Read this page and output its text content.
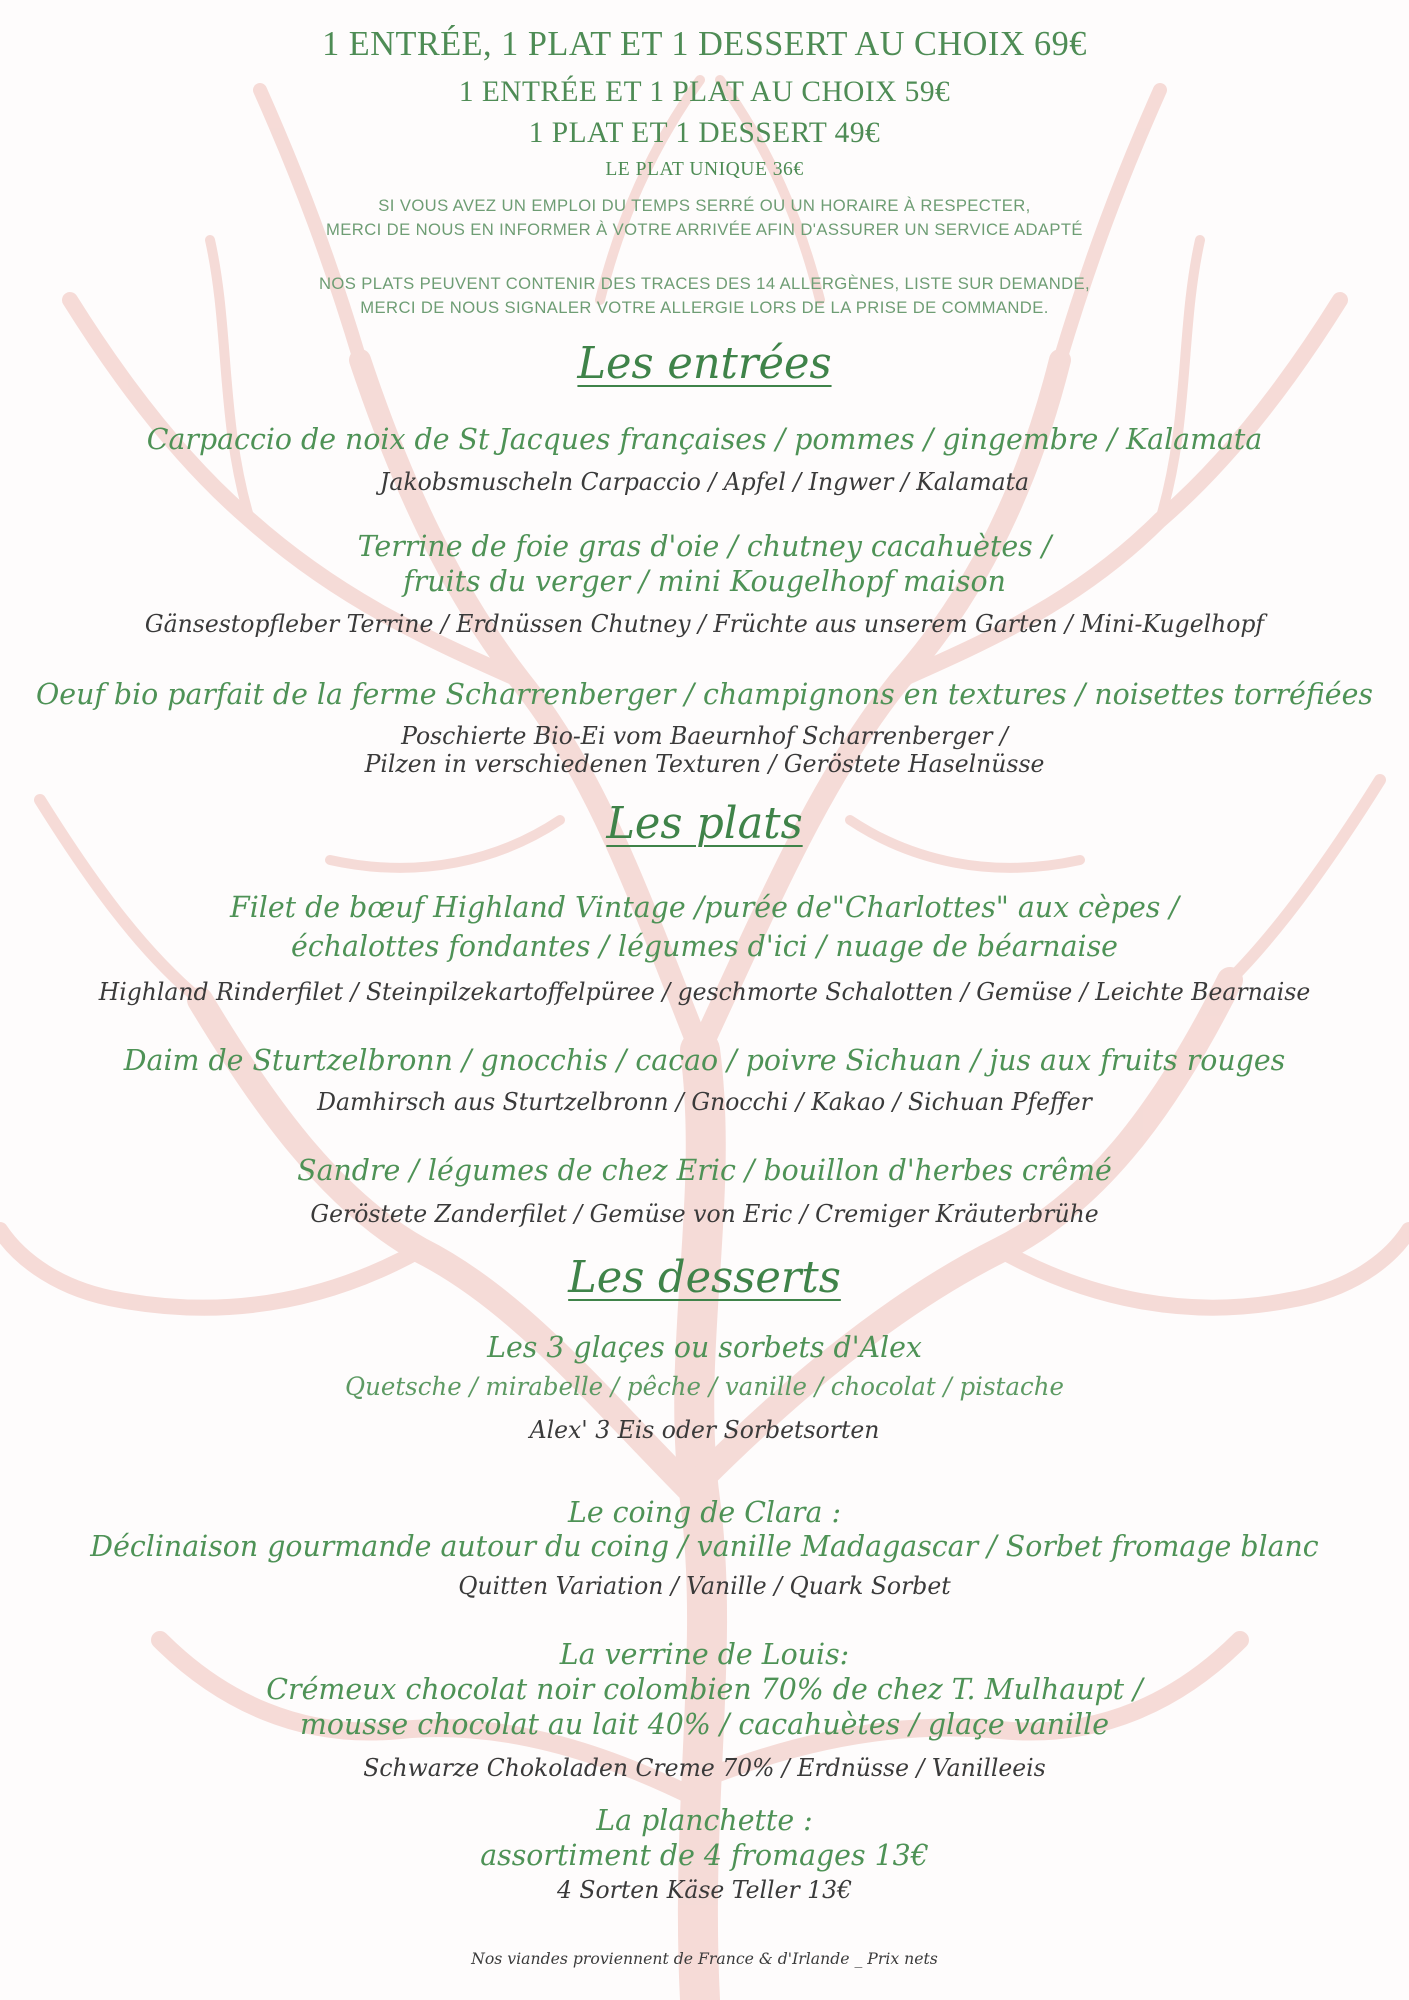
1 ENTRÉE, 1 PLAT ET 1 DESSERT AU CHOIX 69€
1 ENTRÉE ET 1 PLAT AU CHOIX 59€
1 PLAT ET 1 DESSERT 49€
LE PLAT UNIQUE 36€
SI VOUS AVEZ UN EMPLOI DU TEMPS SERRÉ OU UN HORAIRE À RESPECTER,
MERCI DE NOUS EN INFORMER À VOTRE ARRIVÉE AFIN D'ASSURER UN SERVICE ADAPTÉ
NOS PLATS PEUVENT CONTENIR DES TRACES DES 14 ALLERGÈNES, LISTE SUR DEMANDE,
MERCI DE NOUS SIGNALER VOTRE ALLERGIE LORS DE LA PRISE DE COMMANDE.
Les entrées
Carpaccio de noix de St Jacques françaises / pommes / gingembre / Kalamata
Jakobsmuscheln Carpaccio / Apfel / Ingwer / Kalamata
Terrine de foie gras d'oie / chutney cacahuètes /
fruits du verger / mini Kougelhopf maison
Gänsestopfleber Terrine / Erdnüssen Chutney / Früchte aus unserem Garten / Mini-Kugelhopf
Oeuf bio parfait de la ferme Scharrenberger / champignons en textures / noisettes torréfiées
Poschierte Bio-Ei vom Baeurnhof Scharrenberger /
Pilzen in verschiedenen Texturen / Geröstete Haselnüsse
Les plats
Filet de bœuf Highland Vintage /purée de"Charlottes" aux cèpes /
échalottes fondantes / légumes d'ici / nuage de béarnaise
Highland Rinderfilet / Steinpilzekartoffelpüree / geschmorte Schalotten / Gemüse / Leichte Bearnaise
Daim de Sturtzelbronn / gnocchis / cacao / poivre Sichuan / jus aux fruits rouges
Damhirsch aus Sturtzelbronn / Gnocchi / Kakao / Sichuan Pfeffer
Sandre / légumes de chez Eric / bouillon d'herbes crêmé
Geröstete Zanderfilet / Gemüse von Eric / Cremiger Kräuterbrühe
Les desserts
Les 3 glaçes ou sorbets d'Alex
Quetsche / mirabelle / pêche / vanille / chocolat / pistache
Alex' 3 Eis oder Sorbetsorten
Le coing de Clara :
Déclinaison gourmande autour du coing / vanille Madagascar / Sorbet fromage blanc
Quitten Variation / Vanille / Quark Sorbet
La verrine de Louis:
Crémeux chocolat noir colombien 70% de chez T. Mulhaupt /
mousse chocolat au lait 40% / cacahuètes / glaçe vanille
Schwarze Chokoladen Creme 70% / Erdnüsse / Vanilleeis
La planchette :
assortiment de 4 fromages 13€
4 Sorten Käse Teller 13€
Nos viandes proviennent de France & d'Irlande _ Prix nets
